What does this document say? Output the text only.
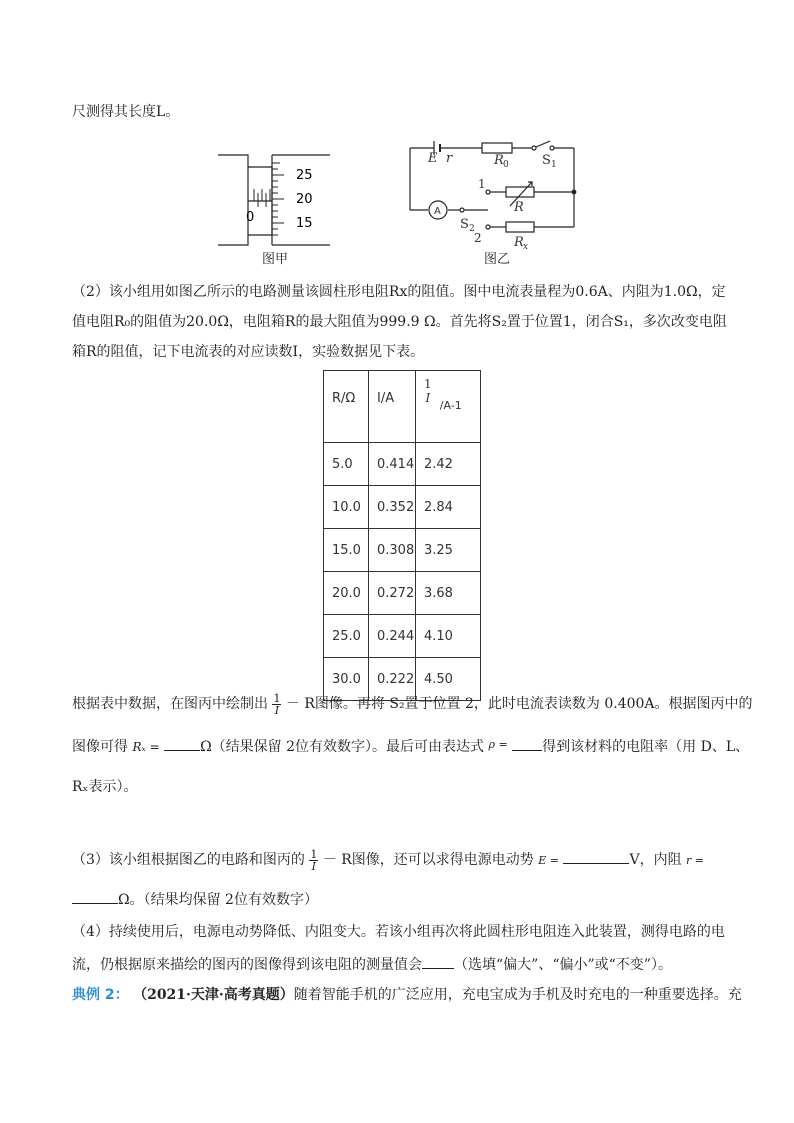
尺测得其长度L。
25
20
15
0
图甲
E r	R 0	S 1
1
A	R
S 2
2 R x
图乙
（2）该小组用如图乙所示的电路测量该圆柱形电阻Rx的阻值。图中电流表量程为0.6A、内阻为1.0Ω，定
值电阻R₀的阻值为20.0Ω，电阻箱R的最大阻值为999.9 Ω。首先将S₂置于位置1，闭合S₁，多次改变电阻
箱R的阻值，记下电流表的对应读数I，实验数据见下表。
R/Ω	I/A	1
I $_{/A-1}$
5.0	0.414	2.42
10.0	0.352	2.84
15.0	0.308	3.25
20.0	0.272	3.68
25.0	0.244	4.10
30.0	0.222	4.50
根据表中数据，在图丙中绘制出 $\frac{1}{I} - R$图像。再将 S₂置于位置 2，此时电流表读数为 0.400A。根据图丙中的
图像可得 Rₓ =	Ω（结果保留 2位有效数字）。最后可由表达式 $^{\rho =}$ 得到该材料的电阻率（用 D、L、
Rₓ表示）。
（3）该小组根据图乙的电路和图丙的 $\frac{1}{I} - R$图像，还可以求得电源电动势 E =	V，内阻 r =
Ω。（结果均保留 2位有效数字）
（4）持续使用后，电源电动势降低、内阻变大。若该小组再次将此圆柱形电阻连入此装置，测得电路的电
流，仍根据原来描绘的图丙的图像得到该电阻的测量值会 （选填“偏大”、“偏小”或“不变”）。
典例 2： （2021·天津·高考真题）随着智能手机的广泛应用，充电宝成为手机及时充电的一种重要选择。充
